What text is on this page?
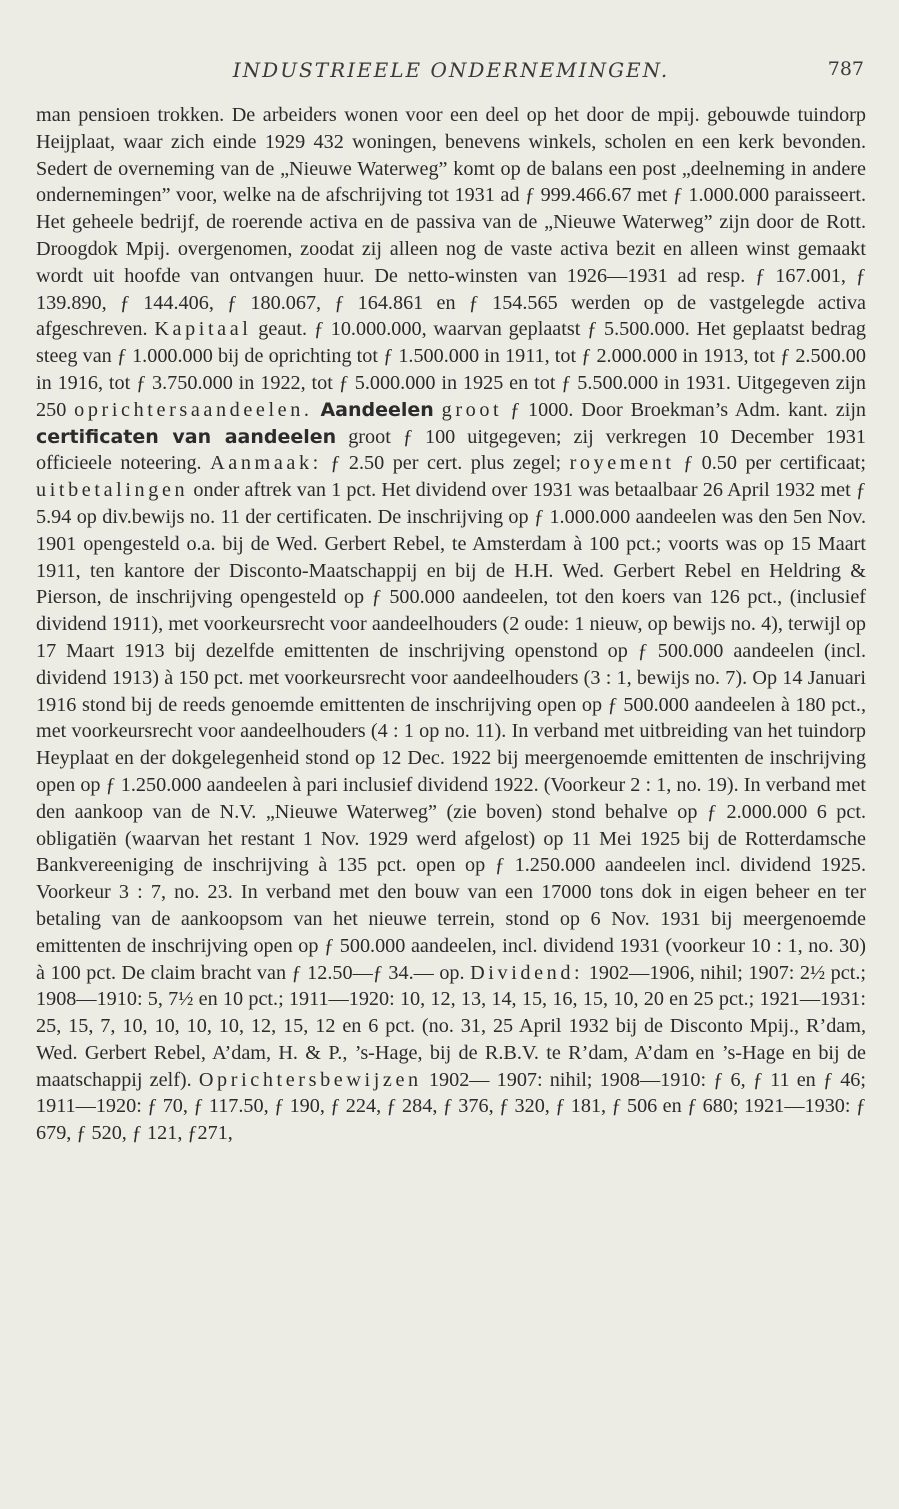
INDUSTRIEELE ONDERNEMINGEN.	787

man pensioen trokken. De arbeiders wonen voor een deel op het door de mpij. gebouwde tuindorp Heijplaat, waar zich einde 1929 432 woningen, benevens winkels, scholen en een kerk bevonden. Sedert de overneming van de „Nieuwe Waterweg” komt op de balans een post „deelneming in andere ondernemingen” voor, welke na de afschrijving tot 1931 ad ƒ 999.466.67 met ƒ 1.000.000 paraisseert. Het geheele bedrijf, de roerende activa en de passiva van de „Nieuwe Waterweg” zijn door de Rott. Droogdok Mpij. overgenomen, zoodat zij alleen nog de vaste activa bezit en alleen winst gemaakt wordt uit hoofde van ontvangen huur. De netto-winsten van 1926—1931 ad resp. ƒ 167.001, ƒ 139.890, ƒ 144.406, ƒ 180.067, ƒ 164.861 en ƒ 154.565 werden op de vastgelegde activa afgeschreven. Kapitaal geaut. ƒ 10.000.000, waarvan geplaatst ƒ 5.500.000. Het geplaatst bedrag steeg van ƒ 1.000.000 bij de oprichting tot ƒ 1.500.000 in 1911, tot ƒ 2.000.000 in 1913, tot ƒ 2.500.00 in 1916, tot ƒ 3.750.000 in 1922, tot ƒ 5.000.000 in 1925 en tot ƒ 5.500.000 in 1931. Uitgegeven zijn 250 oprichtersaandeelen. Aandeelen groot ƒ 1000. Door Broekman’s Adm. kant. zijn certificaten van aandeelen groot ƒ 100 uitgegeven; zij verkregen 10 December 1931 officieele noteering. Aanmaak: ƒ 2.50 per cert. plus zegel; royement ƒ 0.50 per certificaat; uitbetalingen onder aftrek van 1 pct. Het dividend over 1931 was betaalbaar 26 April 1932 met ƒ 5.94 op div.bewijs no. 11 der certificaten. De inschrijving op ƒ 1.000.000 aandeelen was den 5en Nov. 1901 opengesteld o.a. bij de Wed. Gerbert Rebel, te Amsterdam à 100 pct.; voorts was op 15 Maart 1911, ten kantore der Disconto-Maatschappij en bij de H.H. Wed. Gerbert Rebel en Heldring & Pierson, de inschrijving opengesteld op ƒ 500.000 aandeelen, tot den koers van 126 pct., (inclusief dividend 1911), met voorkeursrecht voor aandeelhouders (2 oude: 1 nieuw, op bewijs no. 4), terwijl op 17 Maart 1913 bij dezelfde emittenten de inschrijving openstond op ƒ 500.000 aandeelen (incl. dividend 1913) à 150 pct. met voorkeursrecht voor aandeelhouders (3 : 1, bewijs no. 7). Op 14 Januari 1916 stond bij de reeds genoemde emittenten de inschrijving open op ƒ 500.000 aandeelen à 180 pct., met voorkeursrecht voor aandeelhouders (4 : 1 op no. 11). In verband met uitbreiding van het tuindorp Heyplaat en der dokgelegenheid stond op 12 Dec. 1922 bij meergenoemde emittenten de inschrijving open op ƒ 1.250.000 aandeelen à pari inclusief dividend 1922. (Voorkeur 2 : 1, no. 19). In verband met den aankoop van de N.V. „Nieuwe Waterweg” (zie boven) stond behalve op ƒ 2.000.000 6 pct. obligatiën (waarvan het restant 1 Nov. 1929 werd afgelost) op 11 Mei 1925 bij de Rotterdamsche Bankvereeniging de inschrijving à 135 pct. open op ƒ 1.250.000 aandeelen incl. dividend 1925. Voorkeur 3 : 7, no. 23. In verband met den bouw van een 17000 tons dok in eigen beheer en ter betaling van de aankoopsom van het nieuwe terrein, stond op 6 Nov. 1931 bij meergenoemde emittenten de inschrijving open op ƒ 500.000 aandeelen, incl. dividend 1931 (voorkeur 10 : 1, no. 30) à 100 pct. De claim bracht van ƒ 12.50—ƒ 34.— op. Dividend: 1902—1906, nihil; 1907: 2½ pct.; 1908—1910: 5, 7½ en 10 pct.; 1911—1920: 10, 12, 13, 14, 15, 16, 15, 10, 20 en 25 pct.; 1921—1931: 25, 15, 7, 10, 10, 10, 10, 12, 15, 12 en 6 pct. (no. 31, 25 April 1932 bij de Disconto Mpij., R’dam, Wed. Gerbert Rebel, A’dam, H. & P., ’s-Hage, bij de R.B.V. te R’dam, A’dam en ’s-Hage en bij de maatschappij zelf). Oprichtersbewijzen 1902— 1907: nihil; 1908—1910: ƒ 6, ƒ 11 en ƒ 46; 1911—1920: ƒ 70, ƒ 117.50, ƒ 190, ƒ 224, ƒ 284, ƒ 376, ƒ 320, ƒ 181, ƒ 506 en ƒ 680; 1921—1930: ƒ 679, ƒ 520, ƒ 121, ƒ271,
